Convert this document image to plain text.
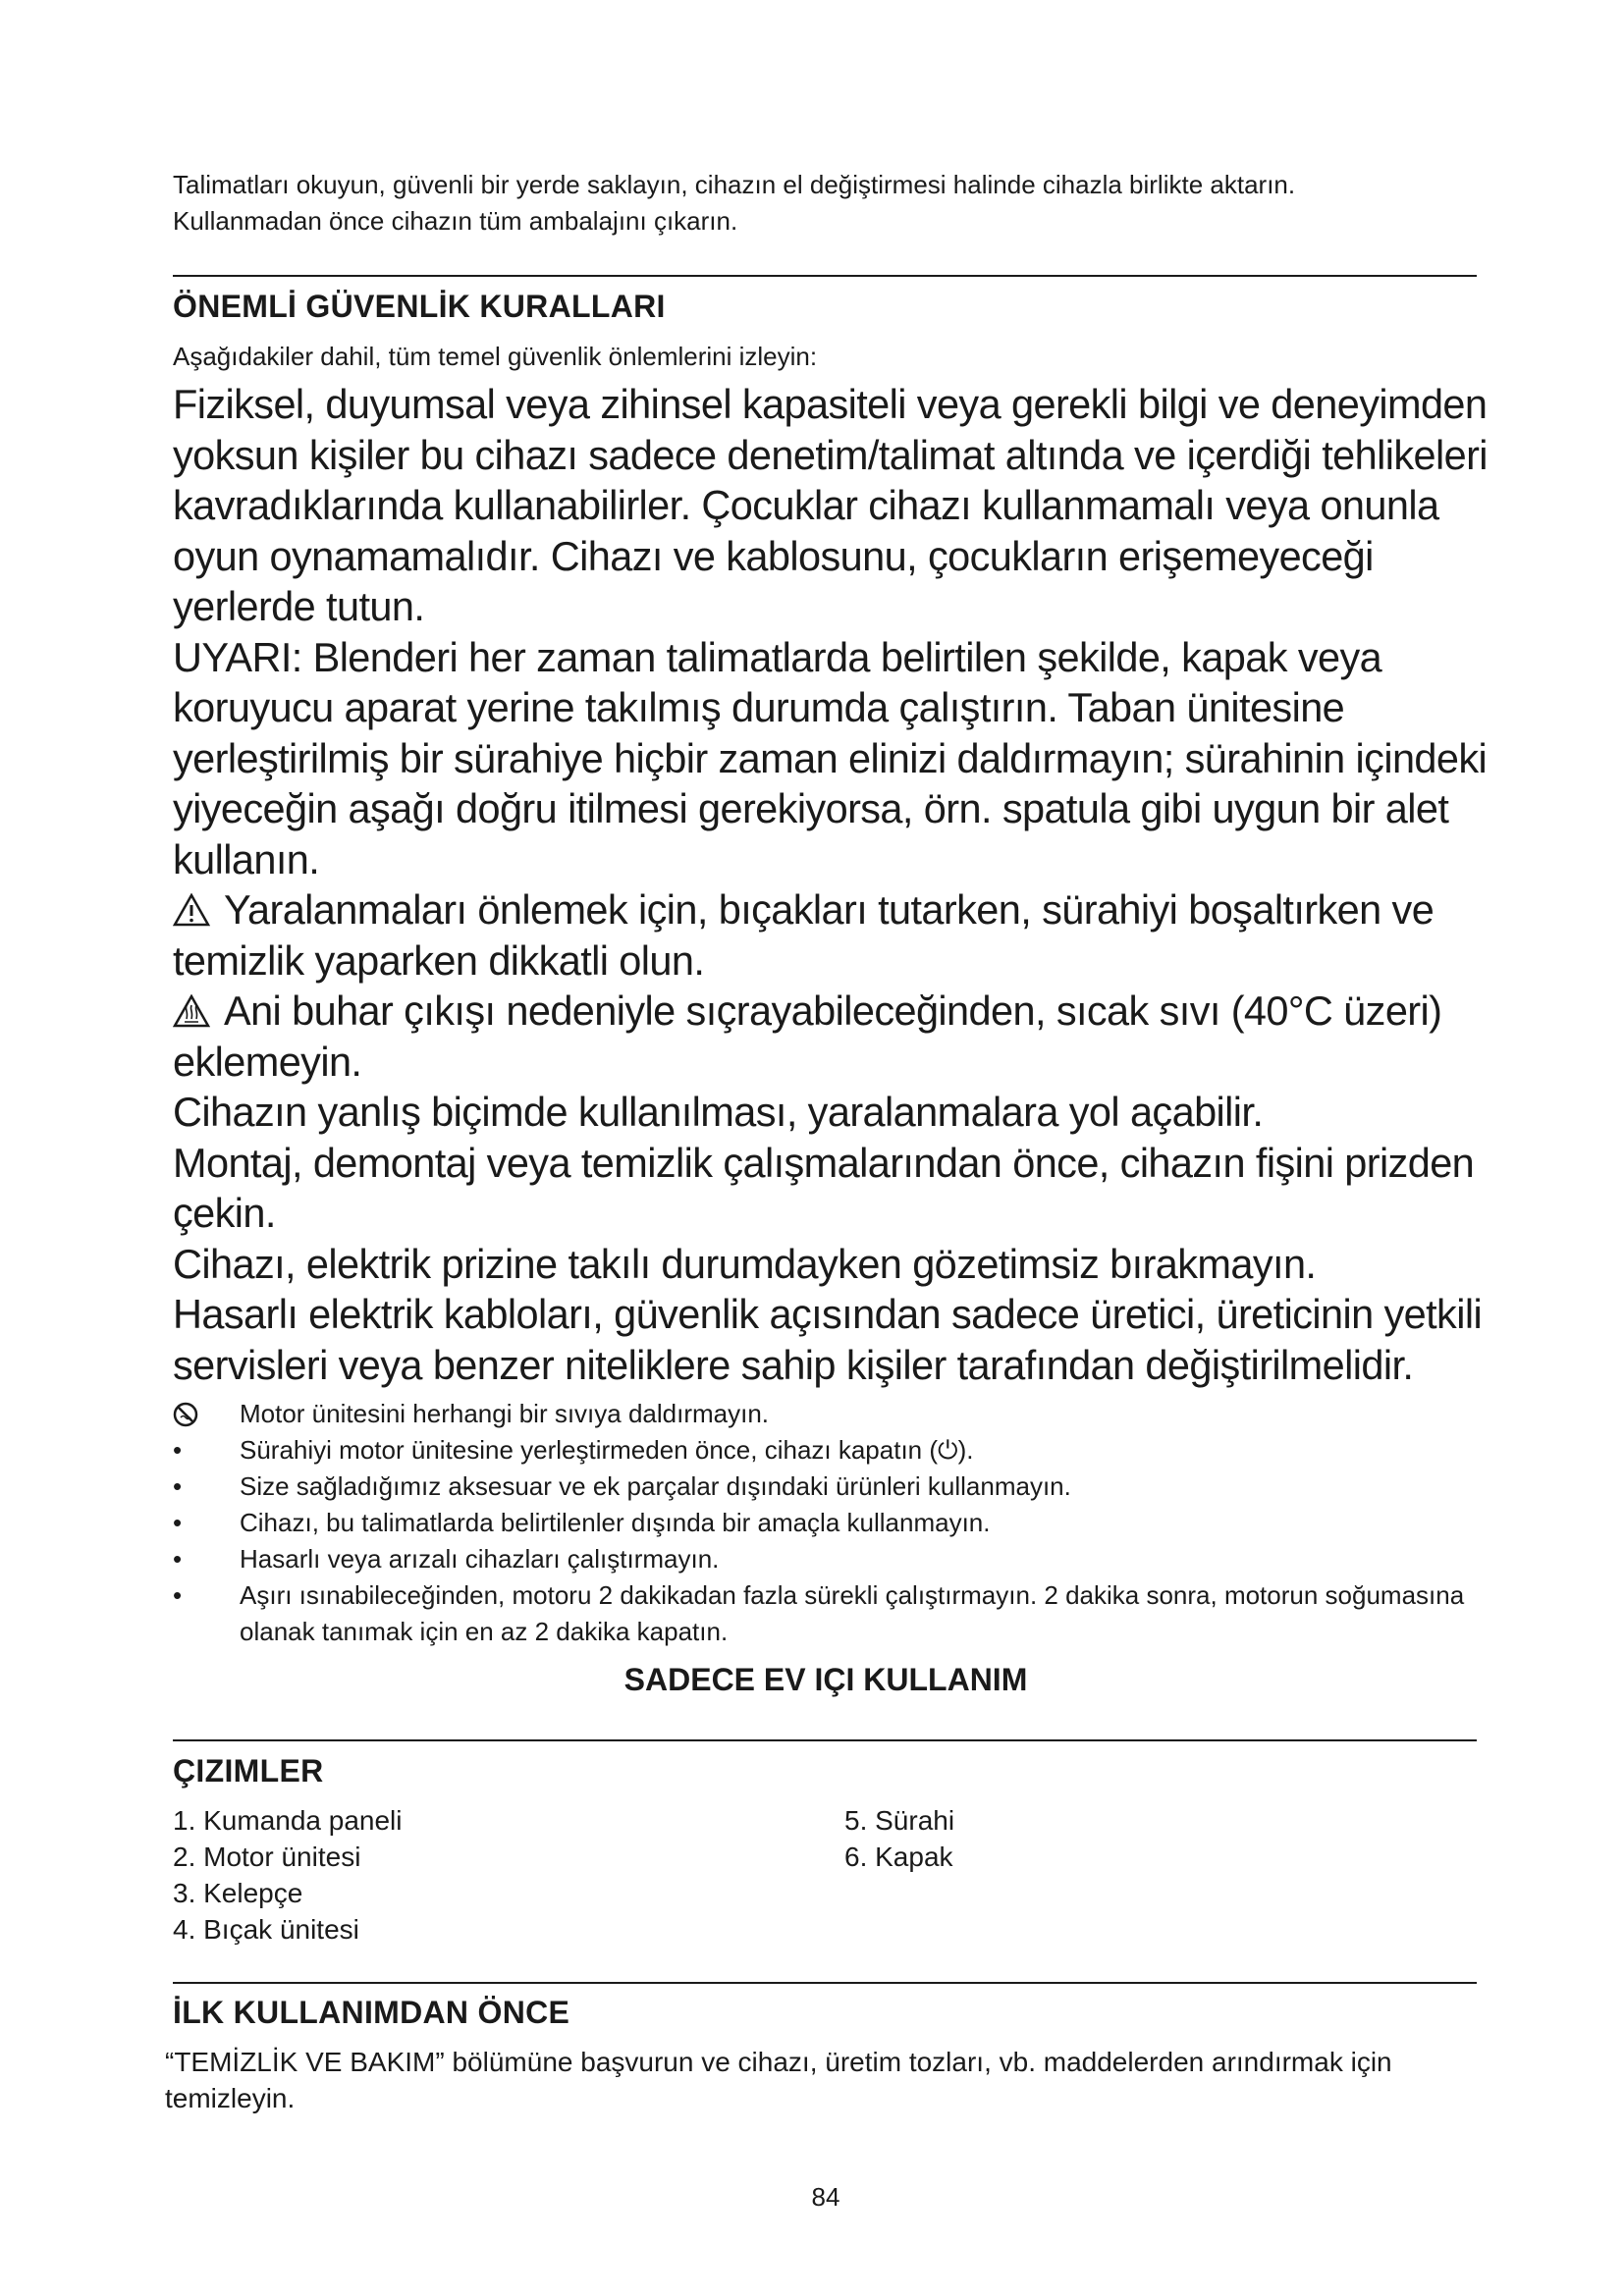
Talimatları okuyun, güvenli bir yerde saklayın, cihazın el değiştirmesi halinde cihazla birlikte aktarın.

Kullanmadan önce cihazın tüm ambalajını çıkarın.

ÖNEMLİ GÜVENLİK KURALLARI
Aşağıdakiler dahil, tüm temel güvenlik önlemlerini izleyin:

Fiziksel, duyumsal veya zihinsel kapasiteli veya gerekli bilgi ve deneyimden yoksun kişiler bu cihazı sadece denetim/talimat altında ve içerdiği tehlikeleri kavradıklarında kullanabilirler. Çocuklar cihazı kullanmamalı veya onunla oyun oynamamalıdır. Cihazı ve kablosunu, çocukların erişemeyeceği yerlerde tutun.

UYARI: Blenderi her zaman talimatlarda belirtilen şekilde, kapak veya koruyucu aparat yerine takılmış durumda çalıştırın. Taban ünitesine yerleştirilmiş bir sürahiye hiçbir zaman elinizi daldırmayın; sürahinin içindeki yiyeceğin aşağı doğru itilmesi gerekiyorsa, örn. spatula gibi uygun bir alet kullanın.

Yaralanmaları önlemek için, bıçakları tutarken, sürahiyi boşaltırken ve temizlik yaparken dikkatli olun.

Ani buhar çıkışı nedeniyle sıçrayabileceğinden, sıcak sıvı (40°C üzeri) eklemeyin.

Cihazın yanlış biçimde kullanılması, yaralanmalara yol açabilir.

Montaj, demontaj veya temizlik çalışmalarından önce, cihazın fişini prizden çekin.

Cihazı, elektrik prizine takılı durumdayken gözetimsiz bırakmayın.

Hasarlı elektrik kabloları, güvenlik açısından sadece üretici, üreticinin yetkili servisleri veya benzer niteliklere sahip kişiler tarafından değiştirilmelidir.

Motor ünitesini herhangi bir sıvıya daldırmayın.
•	Sürahiyi motor ünitesine yerleştirmeden önce, cihazı kapatın (⏻).
•	Size sağladığımız aksesuar ve ek parçalar dışındaki ürünleri kullanmayın.
•	Cihazı, bu talimatlarda belirtilenler dışında bir amaçla kullanmayın.
•	Hasarlı veya arızalı cihazları çalıştırmayın.
•	Aşırı ısınabileceğinden, motoru 2 dakikadan fazla sürekli çalıştırmayın. 2 dakika sonra, motorun soğumasına olanak tanımak için en az 2 dakika kapatın.
SADECE EV IÇI KULLANIM
ÇIZIMLER
1. Kumanda paneli
2. Motor ünitesi
3. Kelepçe
4. Bıçak ünitesi
5. Sürahi
6. Kapak
İLK KULLANIMDAN ÖNCE
“TEMİZLİK VE BAKIM” bölümüne başvurun ve cihazı, üretim tozları, vb. maddelerden arındırmak için temizleyin.
84
